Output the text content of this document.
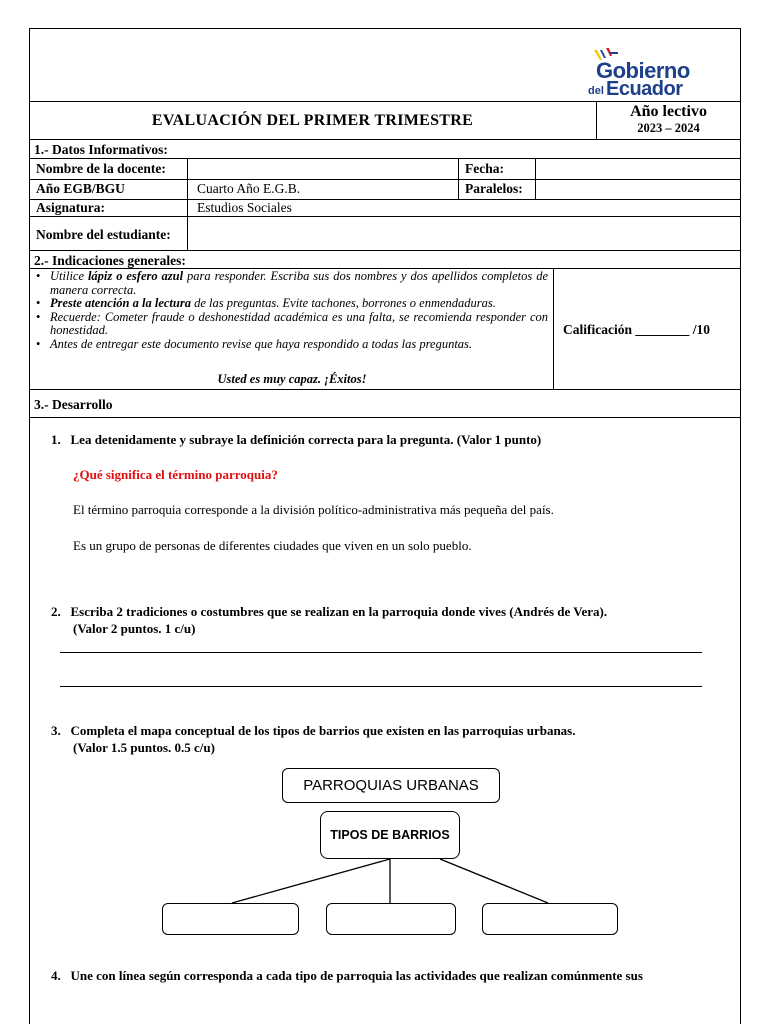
Gobierno
del Ecuador
EVALUACIÓN DEL PRIMER TRIMESTRE
Año lectivo
2023 – 2024
1.- Datos Informativos:
Nombre de la docente:	Fecha:
Año EGB/BGU	Cuarto Año E.G.B.	Paralelos:
Asignatura:	Estudios Sociales
Nombre del estudiante:
2.- Indicaciones generales:
• Utilice lápiz o esfero azul para responder. Escriba sus dos nombres y dos apellidos completos de manera correcta.
• Preste atención a la lectura de las preguntas. Evite tachones, borrones o enmendaduras.
• Recuerde: Cometer fraude o deshonestidad académica es una falta, se recomienda responder con honestidad.
• Antes de entregar este documento revise que haya respondido a todas las preguntas.
Usted es muy capaz. ¡Éxitos!
Calificación ________ /10
3.- Desarrollo
1.   Lea detenidamente y subraye la definición correcta para la pregunta. (Valor 1 punto)
¿Qué significa el término parroquia?
El término parroquia corresponde a la división político-administrativa más pequeña del país.
Es un grupo de personas de diferentes ciudades que viven en un solo pueblo.
2.   Escriba 2 tradiciones o costumbres que se realizan en la parroquia donde vives (Andrés de Vera).
(Valor 2 puntos. 1 c/u)
3.   Completa el mapa conceptual de los tipos de barrios que existen en las parroquias urbanas.
(Valor 1.5 puntos. 0.5 c/u)
PARROQUIAS URBANAS
TIPOS DE BARRIOS
4.   Une con línea según corresponda a cada tipo de parroquia las actividades que realizan comúnmente sus
